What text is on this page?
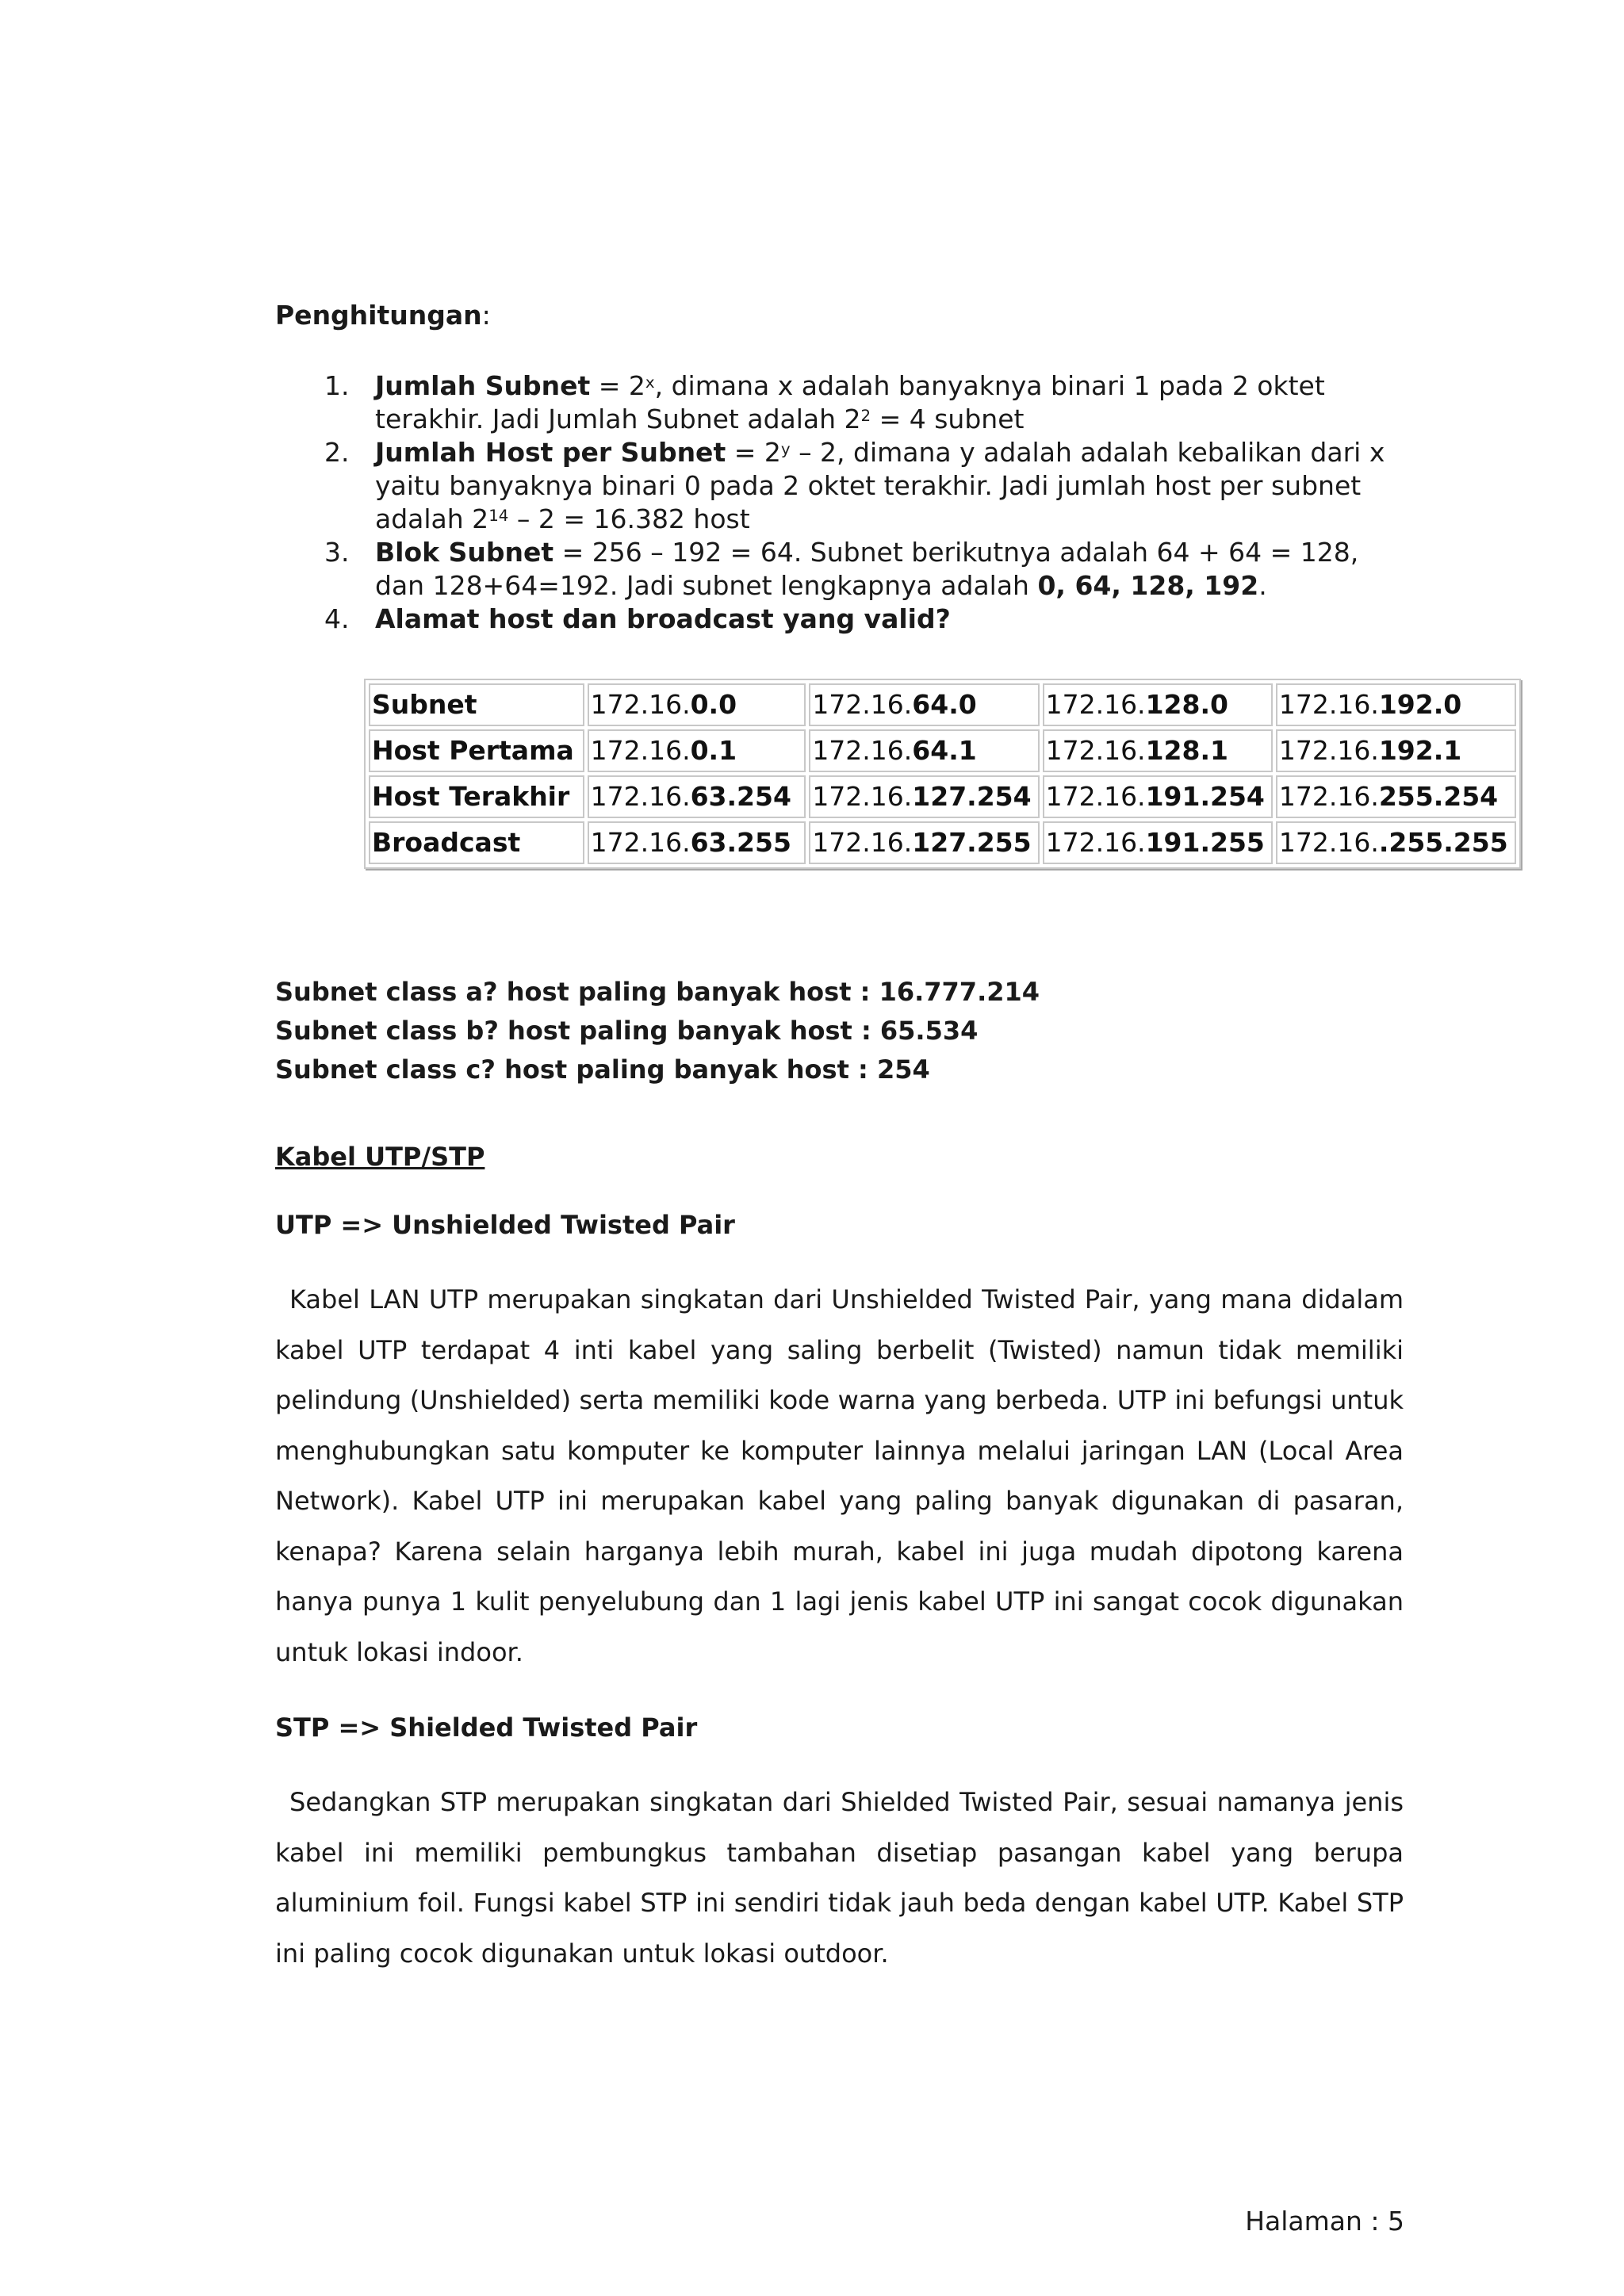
Penghitungan:
1. Jumlah Subnet = $2^x$, dimana x adalah banyaknya binari 1 pada 2 oktet terakhir. Jadi Jumlah Subnet adalah $2^2 = 4$ subnet
2. Jumlah Host per Subnet = $2^y - 2$, dimana y adalah adalah kebalikan dari x yaitu banyaknya binari 0 pada 2 oktet terakhir. Jadi jumlah host per subnet adalah $2^{14} - 2 = 16.382$ host
3. Blok Subnet = 256 – 192 = 64. Subnet berikutnya adalah 64 + 64 = 128, dan 128+64=192. Jadi subnet lengkapnya adalah 0, 64, 128, 192.
4. Alamat host dan broadcast yang valid?
Subnet	172.16.0.0	172.16.64.0	172.16.128.0	172.16.192.0
Host Pertama	172.16.0.1	172.16.64.1	172.16.128.1	172.16.192.1
Host Terakhir	172.16.63.254	172.16.127.254	172.16.191.254	172.16.255.254
Broadcast	172.16.63.255	172.16.127.255	172.16.191.255	172.16..255.255
Subnet class a? host paling banyak host : 16.777.214
Subnet class b? host paling banyak host : 65.534
Subnet class c? host paling banyak host : 254
Kabel UTP/STP
UTP => Unshielded Twisted Pair

Kabel LAN UTP merupakan singkatan dari Unshielded Twisted Pair, yang mana didalam kabel UTP terdapat 4 inti kabel yang saling berbelit (Twisted) namun tidak memiliki pelindung (Unshielded) serta memiliki kode warna yang berbeda. UTP ini befungsi untuk menghubungkan satu komputer ke komputer lainnya melalui jaringan LAN (Local Area Network). Kabel UTP ini merupakan kabel yang paling banyak digunakan di pasaran, kenapa? Karena selain harganya lebih murah, kabel ini juga mudah dipotong karena hanya punya 1 kulit penyelubung dan 1 lagi jenis kabel UTP ini sangat cocok digunakan untuk lokasi indoor.

STP => Shielded Twisted Pair

Sedangkan STP merupakan singkatan dari Shielded Twisted Pair, sesuai namanya jenis kabel ini memiliki pembungkus tambahan disetiap pasangan kabel yang berupa aluminium foil. Fungsi kabel STP ini sendiri tidak jauh beda dengan kabel UTP. Kabel STP ini paling cocok digunakan untuk lokasi outdoor.

Halaman : 5
